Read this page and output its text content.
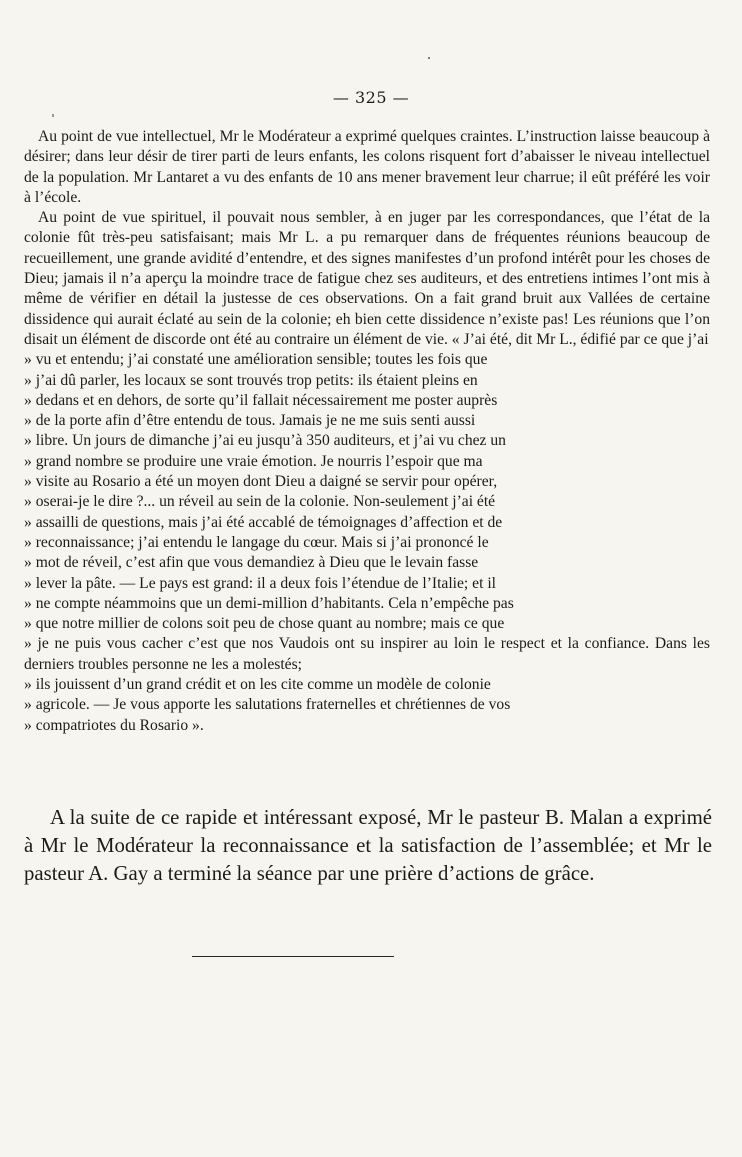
— 325 —

Au point de vue intellectuel, Mr le Modérateur a exprimé quelques craintes. L’instruction laisse beaucoup à désirer; dans leur désir de tirer parti de leurs enfants, les colons risquent fort d’abaisser le niveau intellectuel de la population. Mr Lantaret a vu des enfants de 10 ans mener bravement leur charrue; il eût préféré les voir à l’école.

Au point de vue spirituel, il pouvait nous sembler, à en juger par les correspondances, que l’état de la colonie fût très-peu satisfaisant; mais Mr L. a pu remarquer dans de fréquentes réunions beaucoup de recueillement, une grande avidité d’entendre, et des signes manifestes d’un profond intérêt pour les choses de Dieu; jamais il n’a aperçu la moindre trace de fatigue chez ses auditeurs, et des entretiens intimes l’ont mis à même de vérifier en détail la justesse de ces observations. On a fait grand bruit aux Vallées de certaine dissidence qui aurait éclaté au sein de la colonie; eh bien cette dissidence n’existe pas! Les réunions que l’on disait un élément de discorde ont été au contraire un élément de vie. « J’ai été, dit Mr L., édifié par ce que j’ai

» vu et entendu; j’ai constaté une amélioration sensible; toutes les fois que
» j’ai dû parler, les locaux se sont trouvés trop petits: ils étaient pleins en
» dedans et en dehors, de sorte qu’il fallait nécessairement me poster auprès
» de la porte afin d’être entendu de tous. Jamais je ne me suis senti aussi
» libre. Un jours de dimanche j’ai eu jusqu’à 350 auditeurs, et j’ai vu chez un
» grand nombre se produire une vraie émotion. Je nourris l’espoir que ma
» visite au Rosario a été un moyen dont Dieu a daigné se servir pour opérer,
» oserai-je le dire ?... un réveil au sein de la colonie. Non-seulement j’ai été
» assailli de questions, mais j’ai été accablé de témoignages d’affection et de
» reconnaissance; j’ai entendu le langage du cœur. Mais si j’ai prononcé le
» mot de réveil, c’est afin que vous demandiez à Dieu que le levain fasse
» lever la pâte. — Le pays est grand: il a deux fois l’étendue de l’Italie; et il
» ne compte néammoins que un demi-million d’habitants. Cela n’empêche pas
» que notre millier de colons soit peu de chose quant au nombre; mais ce que
» je ne puis vous cacher c’est que nos Vaudois ont su inspirer au loin le respect et la confiance. Dans les derniers troubles personne ne les a molestés;
» ils jouissent d’un grand crédit et on les cite comme un modèle de colonie
» agricole. — Je vous apporte les salutations fraternelles et chrétiennes de vos
» compatriotes du Rosario ».

A la suite de ce rapide et intéressant exposé, Mr le pasteur B. Malan a exprimé à Mr le Modérateur la reconnaissance et la satisfaction de l’assemblée; et Mr le pasteur A. Gay a terminé la séance par une prière d’actions de grâce.
